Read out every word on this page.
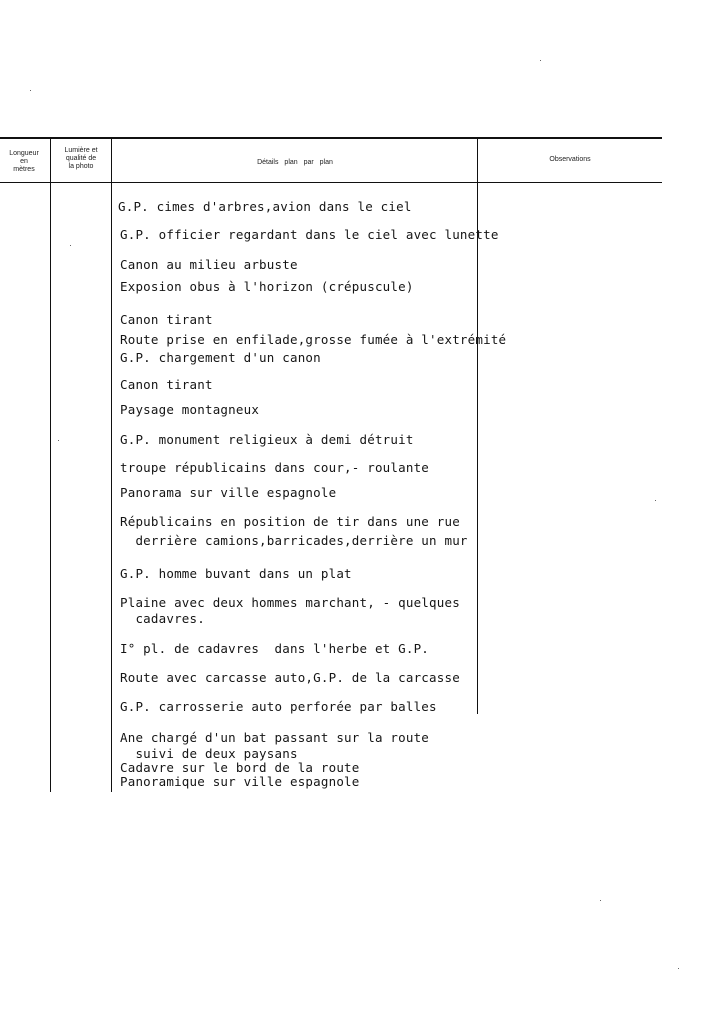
Longueur
en
mètres
Lumière et
qualité de
la photo
Détails plan par plan	Observations
G.P. cimes d'arbres,avion dans le ciel
G.P. officier regardant dans le ciel avec lunette
Canon au milieu arbuste
Exposion obus à l'horizon (crépuscule)
Canon tirant
Route prise en enfilade,grosse fumée à l'extrémité
G.P. chargement d'un canon
Canon tirant
Paysage montagneux
G.P. monument religieux à demi détruit
troupe républicains dans cour,- roulante
Panorama sur ville espagnole
Républicains en position de tir dans une rue
derrière camions,barricades,derrière un mur
G.P. homme buvant dans un plat
Plaine avec deux hommes marchant, - quelques
cadavres.
I° pl. de cadavres  dans l'herbe et G.P.
Route avec carcasse auto,G.P. de la carcasse
G.P. carrosserie auto perforée par balles
Ane chargé d'un bat passant sur la route
suivi de deux paysans
Cadavre sur le bord de la route
Panoramique sur ville espagnole
